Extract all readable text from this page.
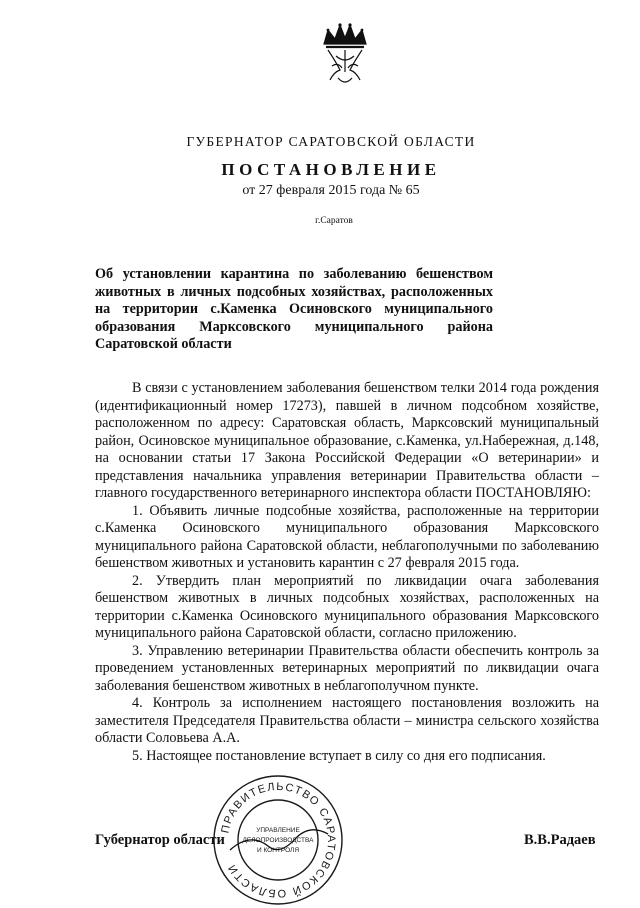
ГУБЕРНАТОР САРАТОВСКОЙ ОБЛАСТИ
ПОСТАНОВЛЕНИЕ
от 27 февраля 2015 года № 65
г.Саратов
Об установлении карантина по заболеванию бешенством животных в личных подсобных хозяйствах, расположенных на территории с.Каменка Осиновского муниципального образования Марксовского муниципального района Саратовской области

В связи с установлением заболевания бешенством телки 2014 года рождения (идентификационный номер 17273), павшей в личном подсобном хозяйстве, расположенном по адресу: Саратовская область, Марксовский муниципальный район, Осиновское муниципальное образование, с.Каменка, ул.Набережная, д.148, на основании статьи 17 Закона Российской Федерации «О ветеринарии» и представления начальника управления ветеринарии Правительства области – главного государственного ветеринарного инспектора области ПОСТАНОВЛЯЮ:

1. Объявить личные подсобные хозяйства, расположенные на территории с.Каменка Осиновского муниципального образования Марксовского муниципального района Саратовской области, неблагополучными по заболеванию бешенством животных и установить карантин с 27 февраля 2015 года.

2. Утвердить план мероприятий по ликвидации очага заболевания бешенством животных в личных подсобных хозяйствах, расположенных на территории с.Каменка Осиновского муниципального образования Марксовского муниципального района Саратовской области, согласно приложению.

3. Управлению ветеринарии Правительства области обеспечить контроль за проведением установленных ветеринарных мероприятий по ликвидации очага заболевания бешенством животных в неблагополучном пункте.

4. Контроль за исполнением настоящего постановления возложить на заместителя Председателя Правительства области – министра сельского хозяйства области Соловьева А.А.

5. Настоящее постановление вступает в силу со дня его подписания.

Губернатор области	В.В.Радаев
ПРАВИТЕЛЬСТВО САРАТОВСКОЙ ОБЛАСТИ
УПРАВЛЕНИЕ
ДЕЛОПРОИЗВОДСТВА
И КОНТРОЛЯ
